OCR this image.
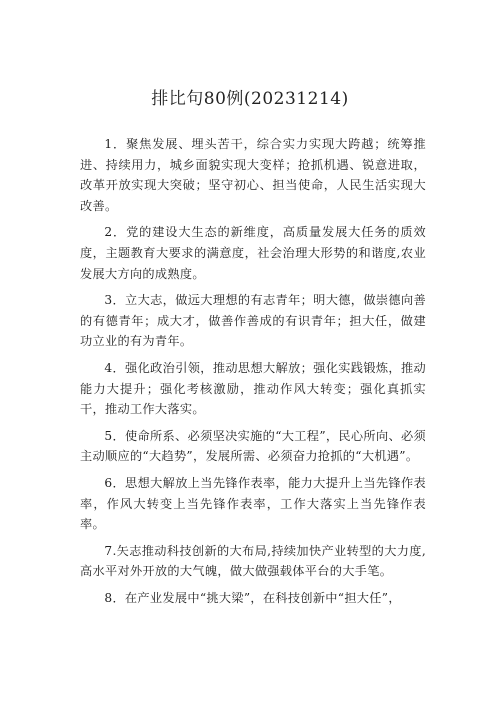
排比句80例(20231214)

1．聚焦发展、埋头苦干，综合实力实现大跨越；统筹推进、持续用力，城乡面貌实现大变样；抢抓机遇、锐意进取，改革开放实现大突破；坚守初心、担当使命，人民生活实现大改善。

2．党的建设大生态的新维度，高质量发展大任务的质效度，主题教育大要求的满意度，社会治理大形势的和谐度,农业发展大方向的成熟度。

3．立大志，做远大理想的有志青年；明大德，做崇德向善的有德青年；成大才，做善作善成的有识青年；担大任，做建功立业的有为青年。

4．强化政治引领，推动思想大解放；强化实践锻炼，推动能力大提升；强化考核激励，推动作风大转变；强化真抓实干，推动工作大落实。

5．使命所系、必须坚决实施的“大工程”，民心所向、必须主动顺应的“大趋势”，发展所需、必须奋力抢抓的“大机遇”。

6．思想大解放上当先锋作表率，能力大提升上当先锋作表率，作风大转变上当先锋作表率，工作大落实上当先锋作表率。

7.矢志推动科技创新的大布局,持续加快产业转型的大力度,高水平对外开放的大气魄，做大做强载体平台的大手笔。

8．在产业发展中“挑大梁”，在科技创新中“担大任”，
